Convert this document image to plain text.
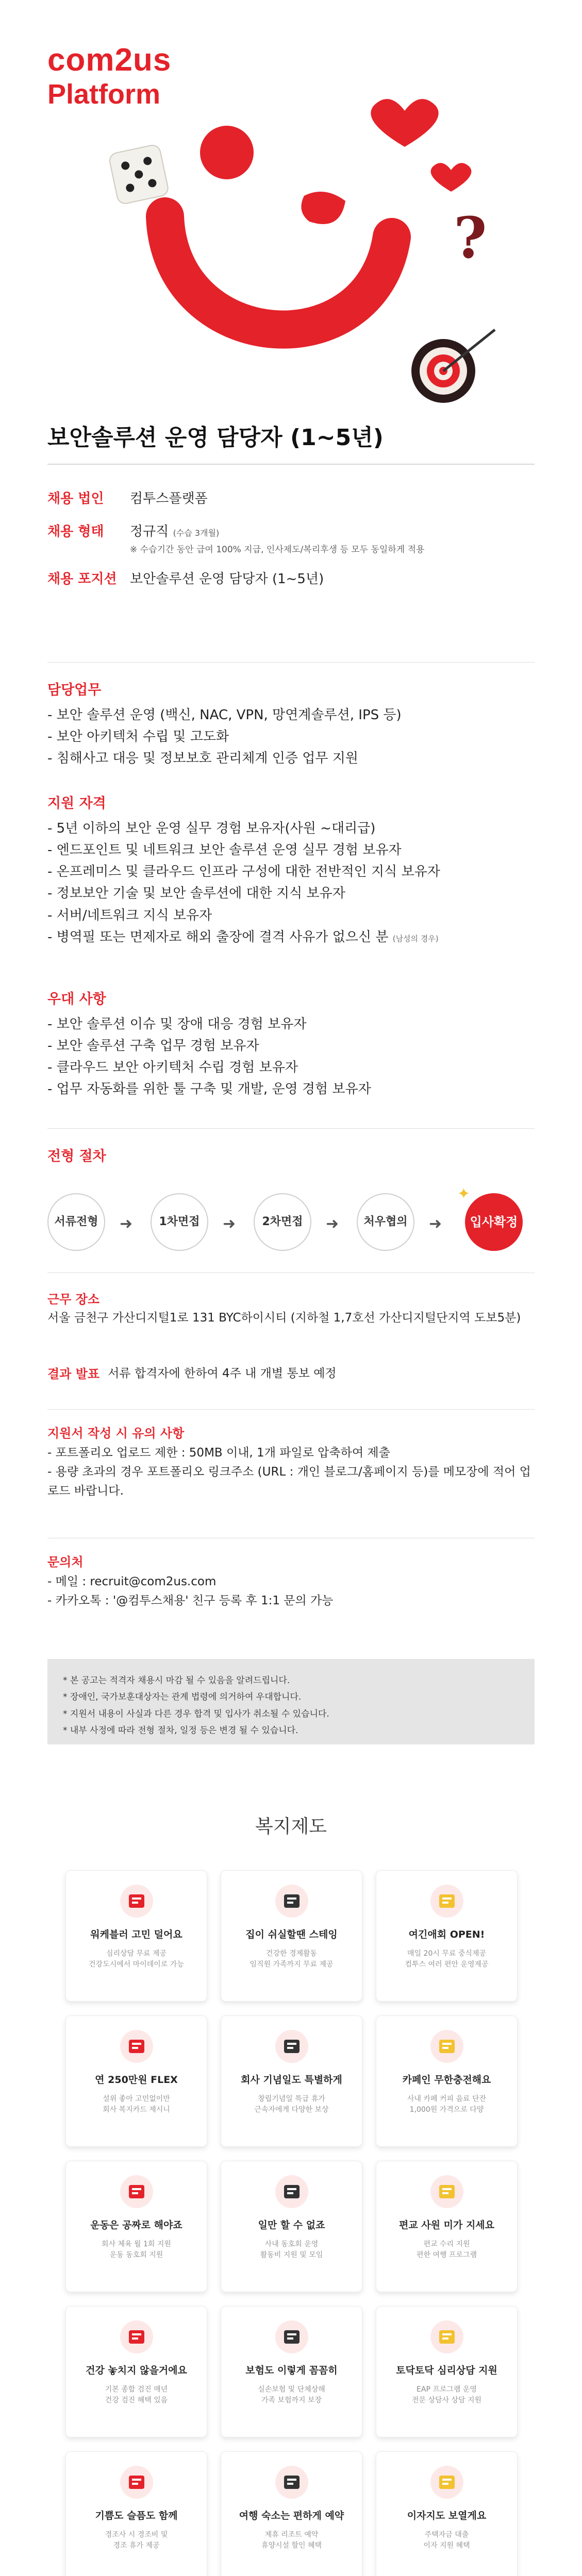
com2us
Platform
?
보안솔루션 운영 담당자 (1~5년)
채용 법인	컴투스플랫폼
채용 형태	정규직 (수습 3개월)
※ 수습기간 동안 급여 100% 지급, 인사제도/복리후생 등 모두 동일하게 적용
채용 포지션 보안솔루션 운영 담당자 (1~5년)
담당업무
- 보안 솔루션 운영 (백신, NAC, VPN, 망연계솔루션, IPS 등)
- 보안 아키텍처 수립 및 고도화
- 침해사고 대응 및 정보보호 관리체계 인증 업무 지원
지원 자격
- 5년 이하의 보안 운영 실무 경험 보유자(사원 ~대리급)
- 엔드포인트 및 네트워크 보안 솔루션 운영 실무 경험 보유자
- 온프레미스 및 클라우드 인프라 구성에 대한 전반적인 지식 보유자
- 정보보안 기술 및 보안 솔루션에 대한 지식 보유자
- 서버/네트워크 지식 보유자
- 병역필 또는 면제자로 해외 출장에 결격 사유가 없으신 분 (남성의 경우)
우대 사항
- 보안 솔루션 이슈 및 장애 대응 경험 보유자
- 보안 솔루션 구축 업무 경험 보유자
- 클라우드 보안 아키텍처 수립 경험 보유자
- 업무 자동화를 위한 툴 구축 및 개발, 운영 경험 보유자
전형 절차
서류전형	➜	1차면접	➜	2차면접	➜	처우협의	➜	입사확정
✦
근무 장소
서울 금천구 가산디지털1로 131 BYC하이시티 (지하철 1,7호선 가산디지털단지역 도보5분)
결과 발표 서류 합격자에 한하여 4주 내 개별 통보 예정
지원서 작성 시 유의 사항
- 포트폴리오 업로드 제한 : 50MB 이내, 1개 파일로 압축하여 제출
- 용량 초과의 경우 포트폴리오 링크주소 (URL : 개인 블로그/홈페이지 등)를 메모장에 적어 업로드 바랍니다.
문의처
- 메일 : recruit@com2us.com
- 카카오톡 : '@컴투스채용' 친구 등록 후 1:1 문의 가능

* 본 공고는 적격자 채용시 마감 될 수 있음을 알려드립니다.

* 장애인, 국가보훈대상자는 관계 법령에 의거하여 우대합니다.

* 지원서 내용이 사실과 다른 경우 합격 및 입사가 취소될 수 있습니다.

* 내부 사정에 따라 전형 절차, 일정 등은 변경 될 수 있습니다.

복지제도
워케블러 고민 덜어요
심리상담 무료 제공
건강도시에서 마이데이로 가능
집이 쉬실할땐 스테잉
건강한 경제활동
임직원 가족까지 무료 제공
여긴애회 OPEN!
매일 20시 무료 중식제공
컴투스 여러 편안 운영제공
연 250만원 FLEX
설위 좋아 고민없이만
회사 복지카드 제시니
회사 기념일도 특별하게
창립기념일 특급 휴가
근속자에게 다양한 보상
카페인 무한충전해요
사내 카페 커피 음료 단잔
1,000원 가격으로 다양
운동은 공짜로 해야죠
회사 체육 월 1회 지원
운동 동호회 지원
일만 할 수 없죠
사내 동호회 운영
활동비 지원 및 모임
편교 사원 미가 지세요
편교 수리 지원
편한 여행 프로그램
건강 놓치지 않을거에요
기본 종합 검진 매년
건강 검진 혜택 있음
보험도 이렇게 꼼꼼히
실손보험 및 단체상해
가족 보험까지 보장
토닥토닥 심리상담 지원
EAP 프로그램 운영
전문 상담사 상담 지원
기쁨도 슬픔도 함께
경조사 시 경조비 및
경조 휴가 제공
여행 숙소는 편하게 예약
제휴 리조트 예약
휴양시설 할인 혜택
이자지도 보열게요
주택자금 대출
이자 지원 혜택
